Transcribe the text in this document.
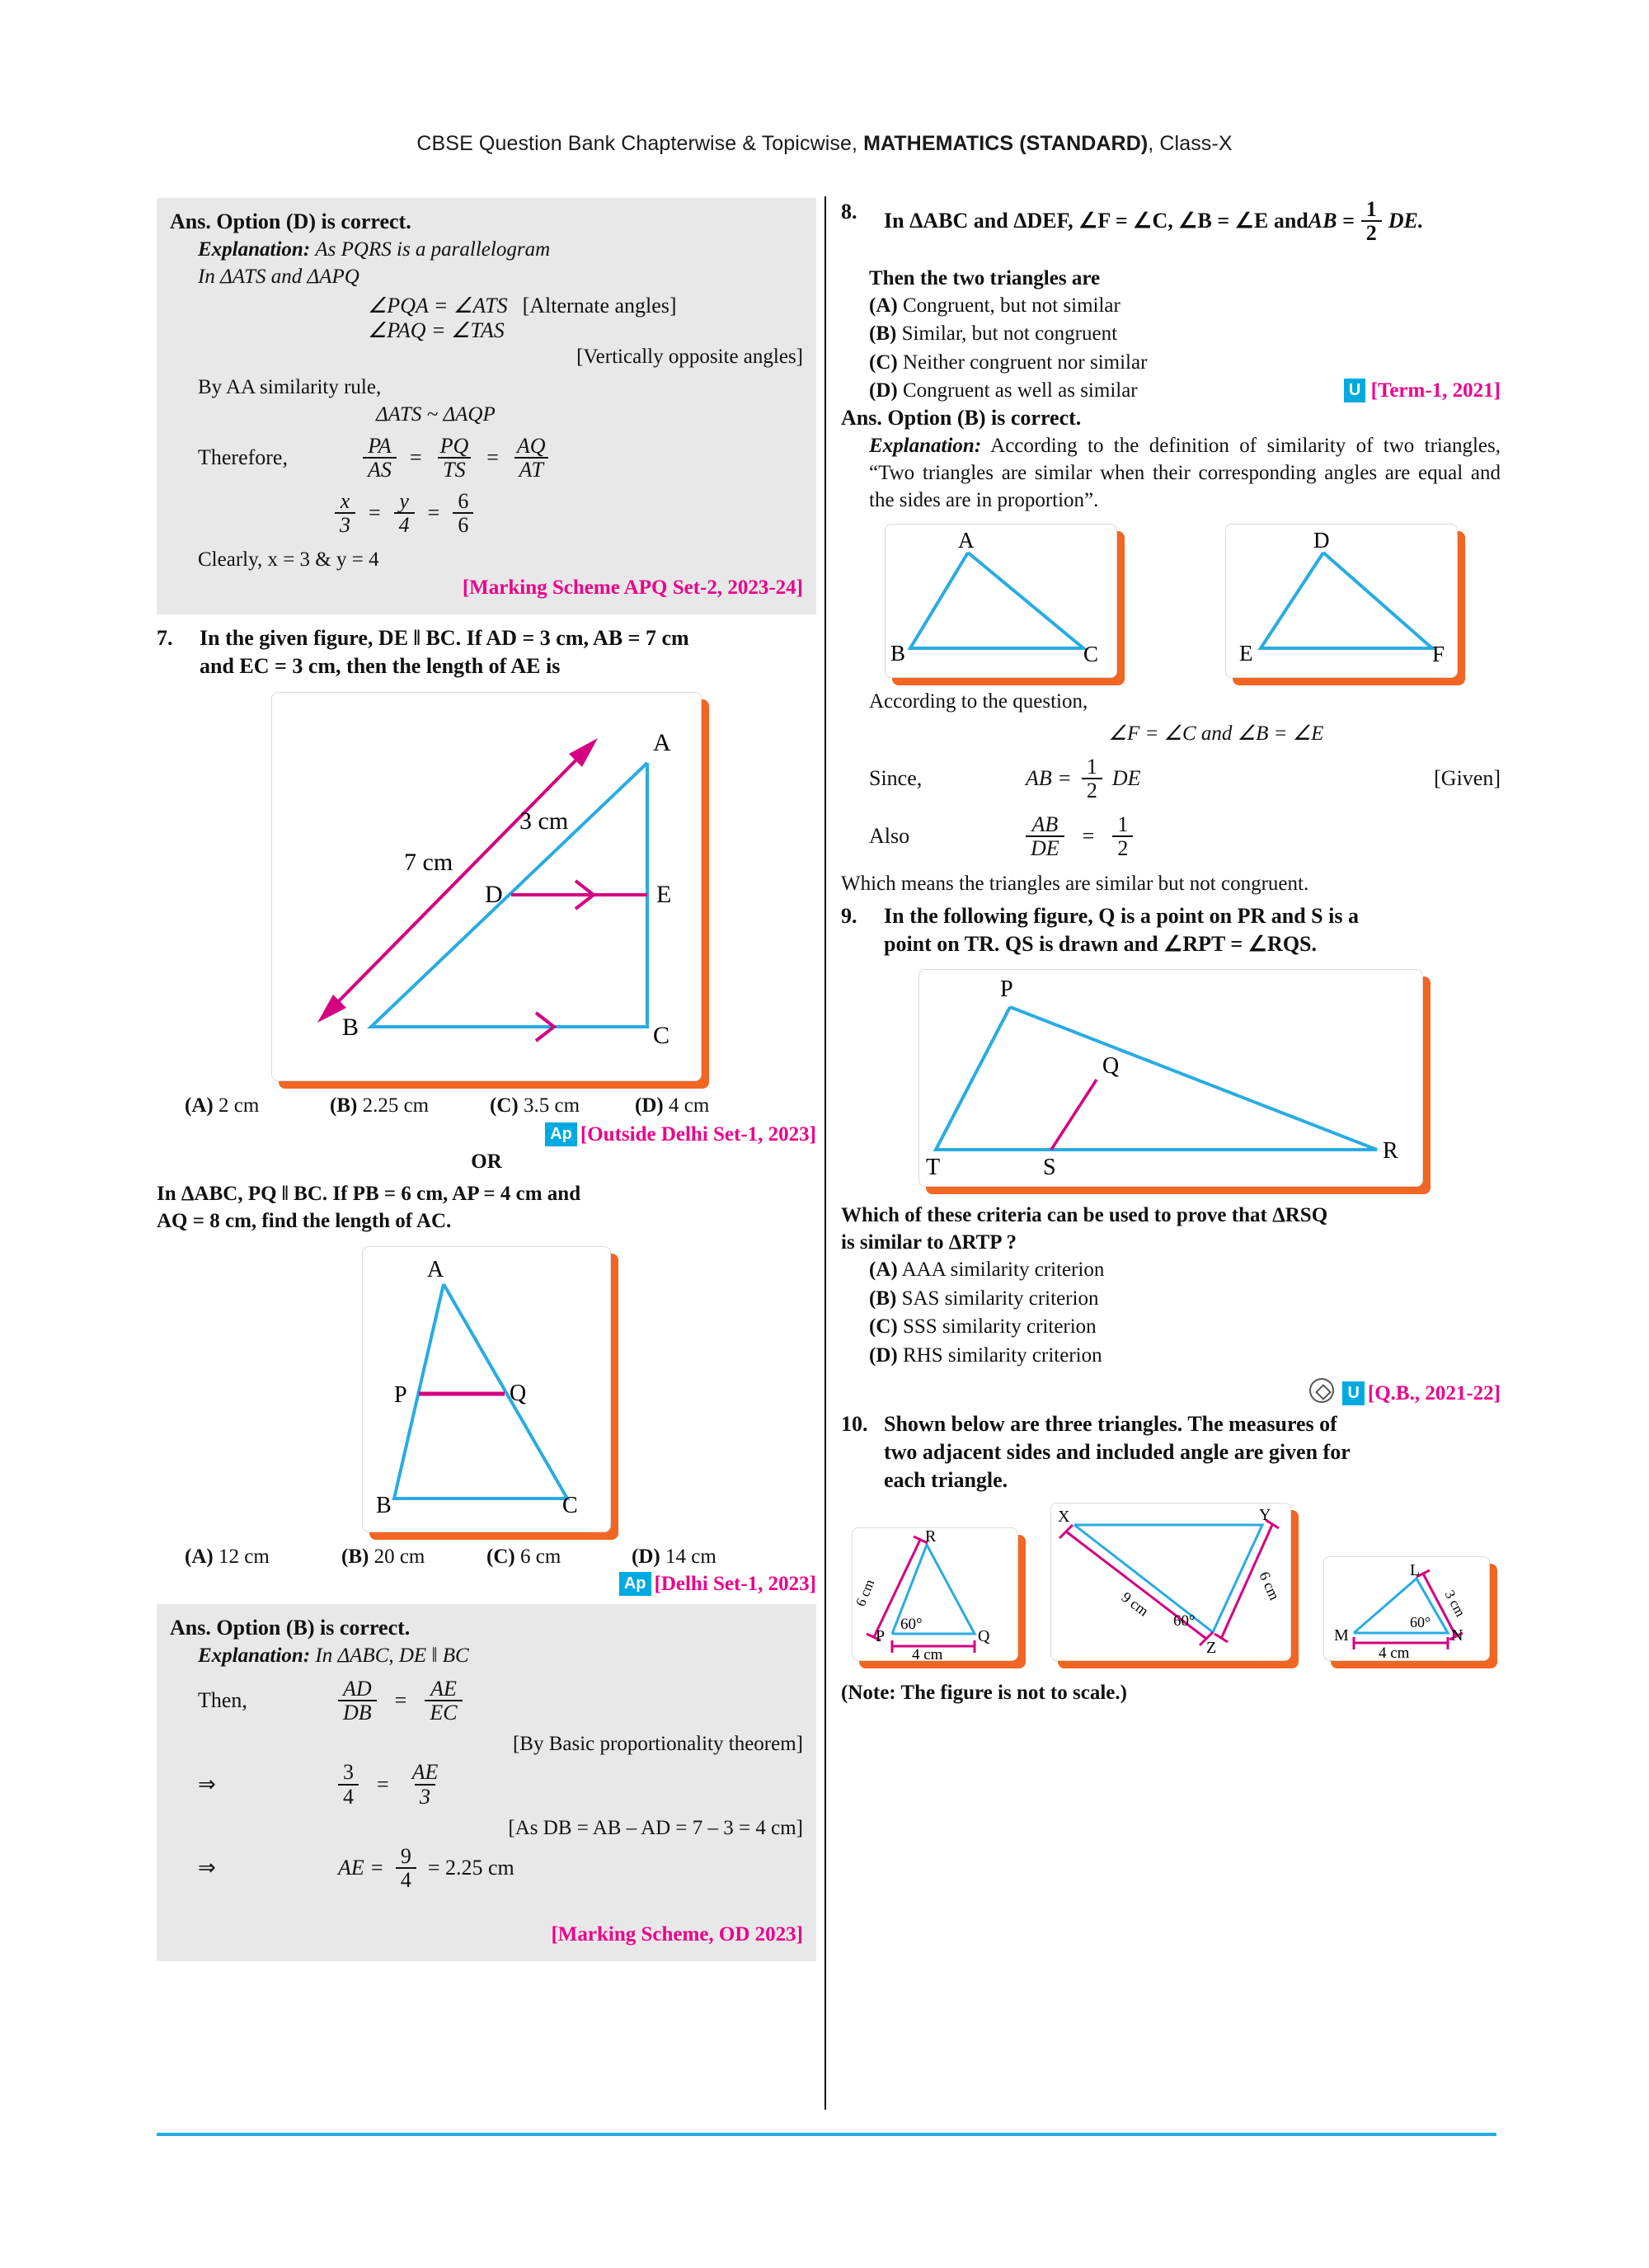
CBSE Question Bank Chapterwise & Topicwise, MATHEMATICS (STANDARD), Class-X
Ans. Option (D) is correct.
Explanation: As PQRS is a parallelogram
In ΔATS and ΔAPQ
∠PQA = ∠ATS [Alternate angles]
∠PAQ = ∠TAS
[Vertically opposite angles]
By AA similarity rule,
ΔATS ~ ΔAQP
Therefore,	$\frac{PA}{AS} = \frac{PQ}{TS} = \frac{AQ}{AT}$
$\frac{x}{3} = \frac{y}{4} = \frac{6}{6}$
Clearly, x = 3 & y = 4
[Marking Scheme APQ Set-2, 2023-24]
7.	In the given figure, DE ‖ BC. If AD = 3 cm, AB = 7 cm
and EC = 3 cm, then the length of AE is
A
B	C
D	E
7 cm
3 cm
(A) 2 cm	(B) 2.25 cm	(C) 3.5 cm	(D) 4 cm
Ap [Outside Delhi Set-1, 2023]
OR
In ΔABC, PQ ‖ BC. If PB = 6 cm, AP = 4 cm and
AQ = 8 cm, find the length of AC.
A
B	C
P	Q
(A) 12 cm	(B) 20 cm	(C) 6 cm	(D) 14 cm
Ap [Delhi Set-1, 2023]
Ans. Option (B) is correct.
Explanation: In ΔABC, DE ‖ BC
Then,	$\frac{AD}{DB} = \frac{AE}{EC}$
[By Basic proportionality theorem]
⇒	$\frac{3}{4} = \frac{AE}{3}$
[As DB = AB – AD = 7 – 3 = 4 cm]
⇒	AE = $\frac{9}{4} = 2.25$ cm
[Marking Scheme, OD 2023]
8.	In ΔABC and ΔDEF, ∠F = ∠C, ∠B = ∠E and AB = $\frac{1}{2}$ DE.
Then the two triangles are
(A) Congruent, but not similar
(B) Similar, but not congruent
(C) Neither congruent nor similar
(D) Congruent as well as similar	U [Term-1, 2021]
Ans. Option (B) is correct.
Explanation: According to the definition of similarity of two triangles, “Two triangles are similar when their corresponding angles are equal and the sides are in proportion”.
A
B	C
D
E	F
According to the question,
∠F = ∠C and ∠B = ∠E
Since,	AB = $\frac{1}{2}$ DE	[Given]
Also	$\frac{AB}{DE} = \frac{1}{2}$
Which means the triangles are similar but not congruent.
9.	In the following figure, Q is a point on PR and S is a
point on TR. QS is drawn and ∠RPT = ∠RQS.
P
Q
R
S
T
Which of these criteria can be used to prove that ΔRSQ
is similar to ΔRTP ?
(A) AAA similarity criterion
(B) SAS similarity criterion
(C) SSS similarity criterion
(D) RHS similarity criterion
U [Q.B., 2021-22]
10. Shown below are three triangles. The measures of
two adjacent sides and included angle are given for
each triangle.
6 cm
4 cm
R
P	Q
60°
9 cm
6 cm
X	Y
Z
60°
3 cm
4 cm
L
M	N
60°
(Note: The figure is not to scale.)
